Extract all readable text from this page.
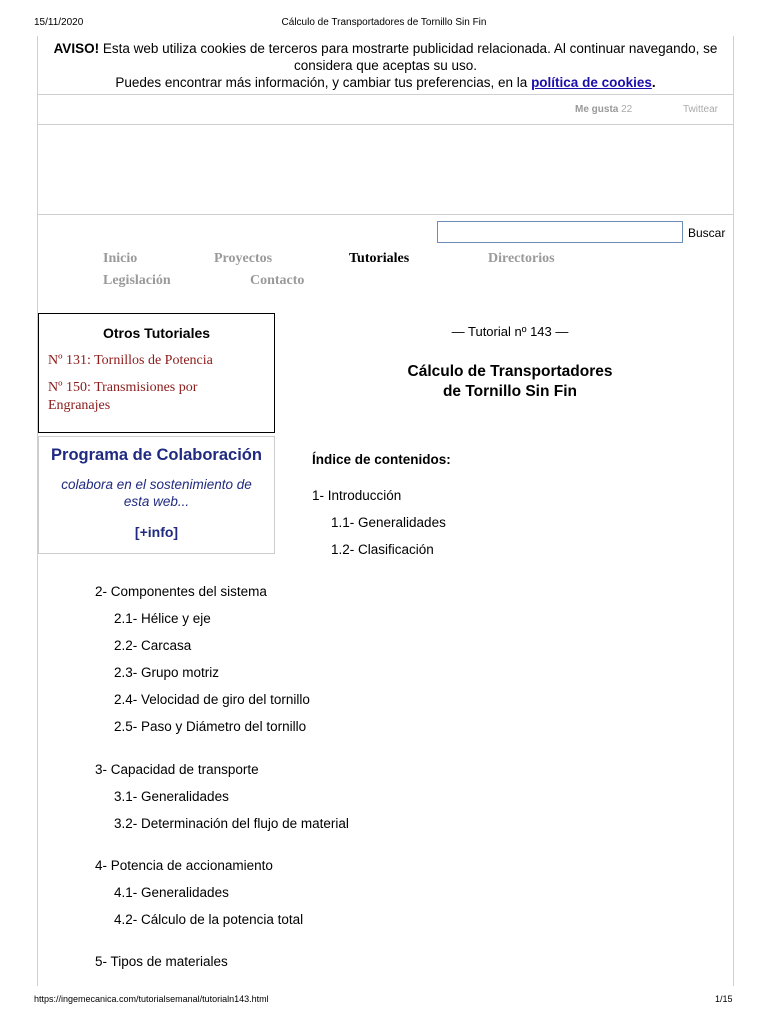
15/11/2020	Cálculo de Transportadores de Tornillo Sin Fin
AVISO! Esta web utiliza cookies de terceros para mostrarte publicidad relacionada. Al continuar navegando, se considera que aceptas su uso.
Puedes encontrar más información, y cambiar tus preferencias, en la política de cookies.
Me gusta 22	Twittear
Buscar
Inicio	Proyectos	Tutoriales	Directorios
Legislación	Contacto
Otros Tutoriales
Nº 131: Tornillos de Potencia
Nº 150: Transmisiones por Engranajes
Programa de Colaboración
colabora en el sostenimiento de esta web...
[+info]
— Tutorial nº 143 —
Cálculo de Transportadores
de Tornillo Sin Fin
Índice de contenidos:
1- Introducción
1.1- Generalidades
1.2- Clasificación
2- Componentes del sistema
2.1- Hélice y eje
2.2- Carcasa
2.3- Grupo motriz
2.4- Velocidad de giro del tornillo
2.5- Paso y Diámetro del tornillo
3- Capacidad de transporte
3.1- Generalidades
3.2- Determinación del flujo de material
4- Potencia de accionamiento
4.1- Generalidades
4.2- Cálculo de la potencia total
5- Tipos de materiales
https://ingemecanica.com/tutorialsemanal/tutorialn143.html	1/15
